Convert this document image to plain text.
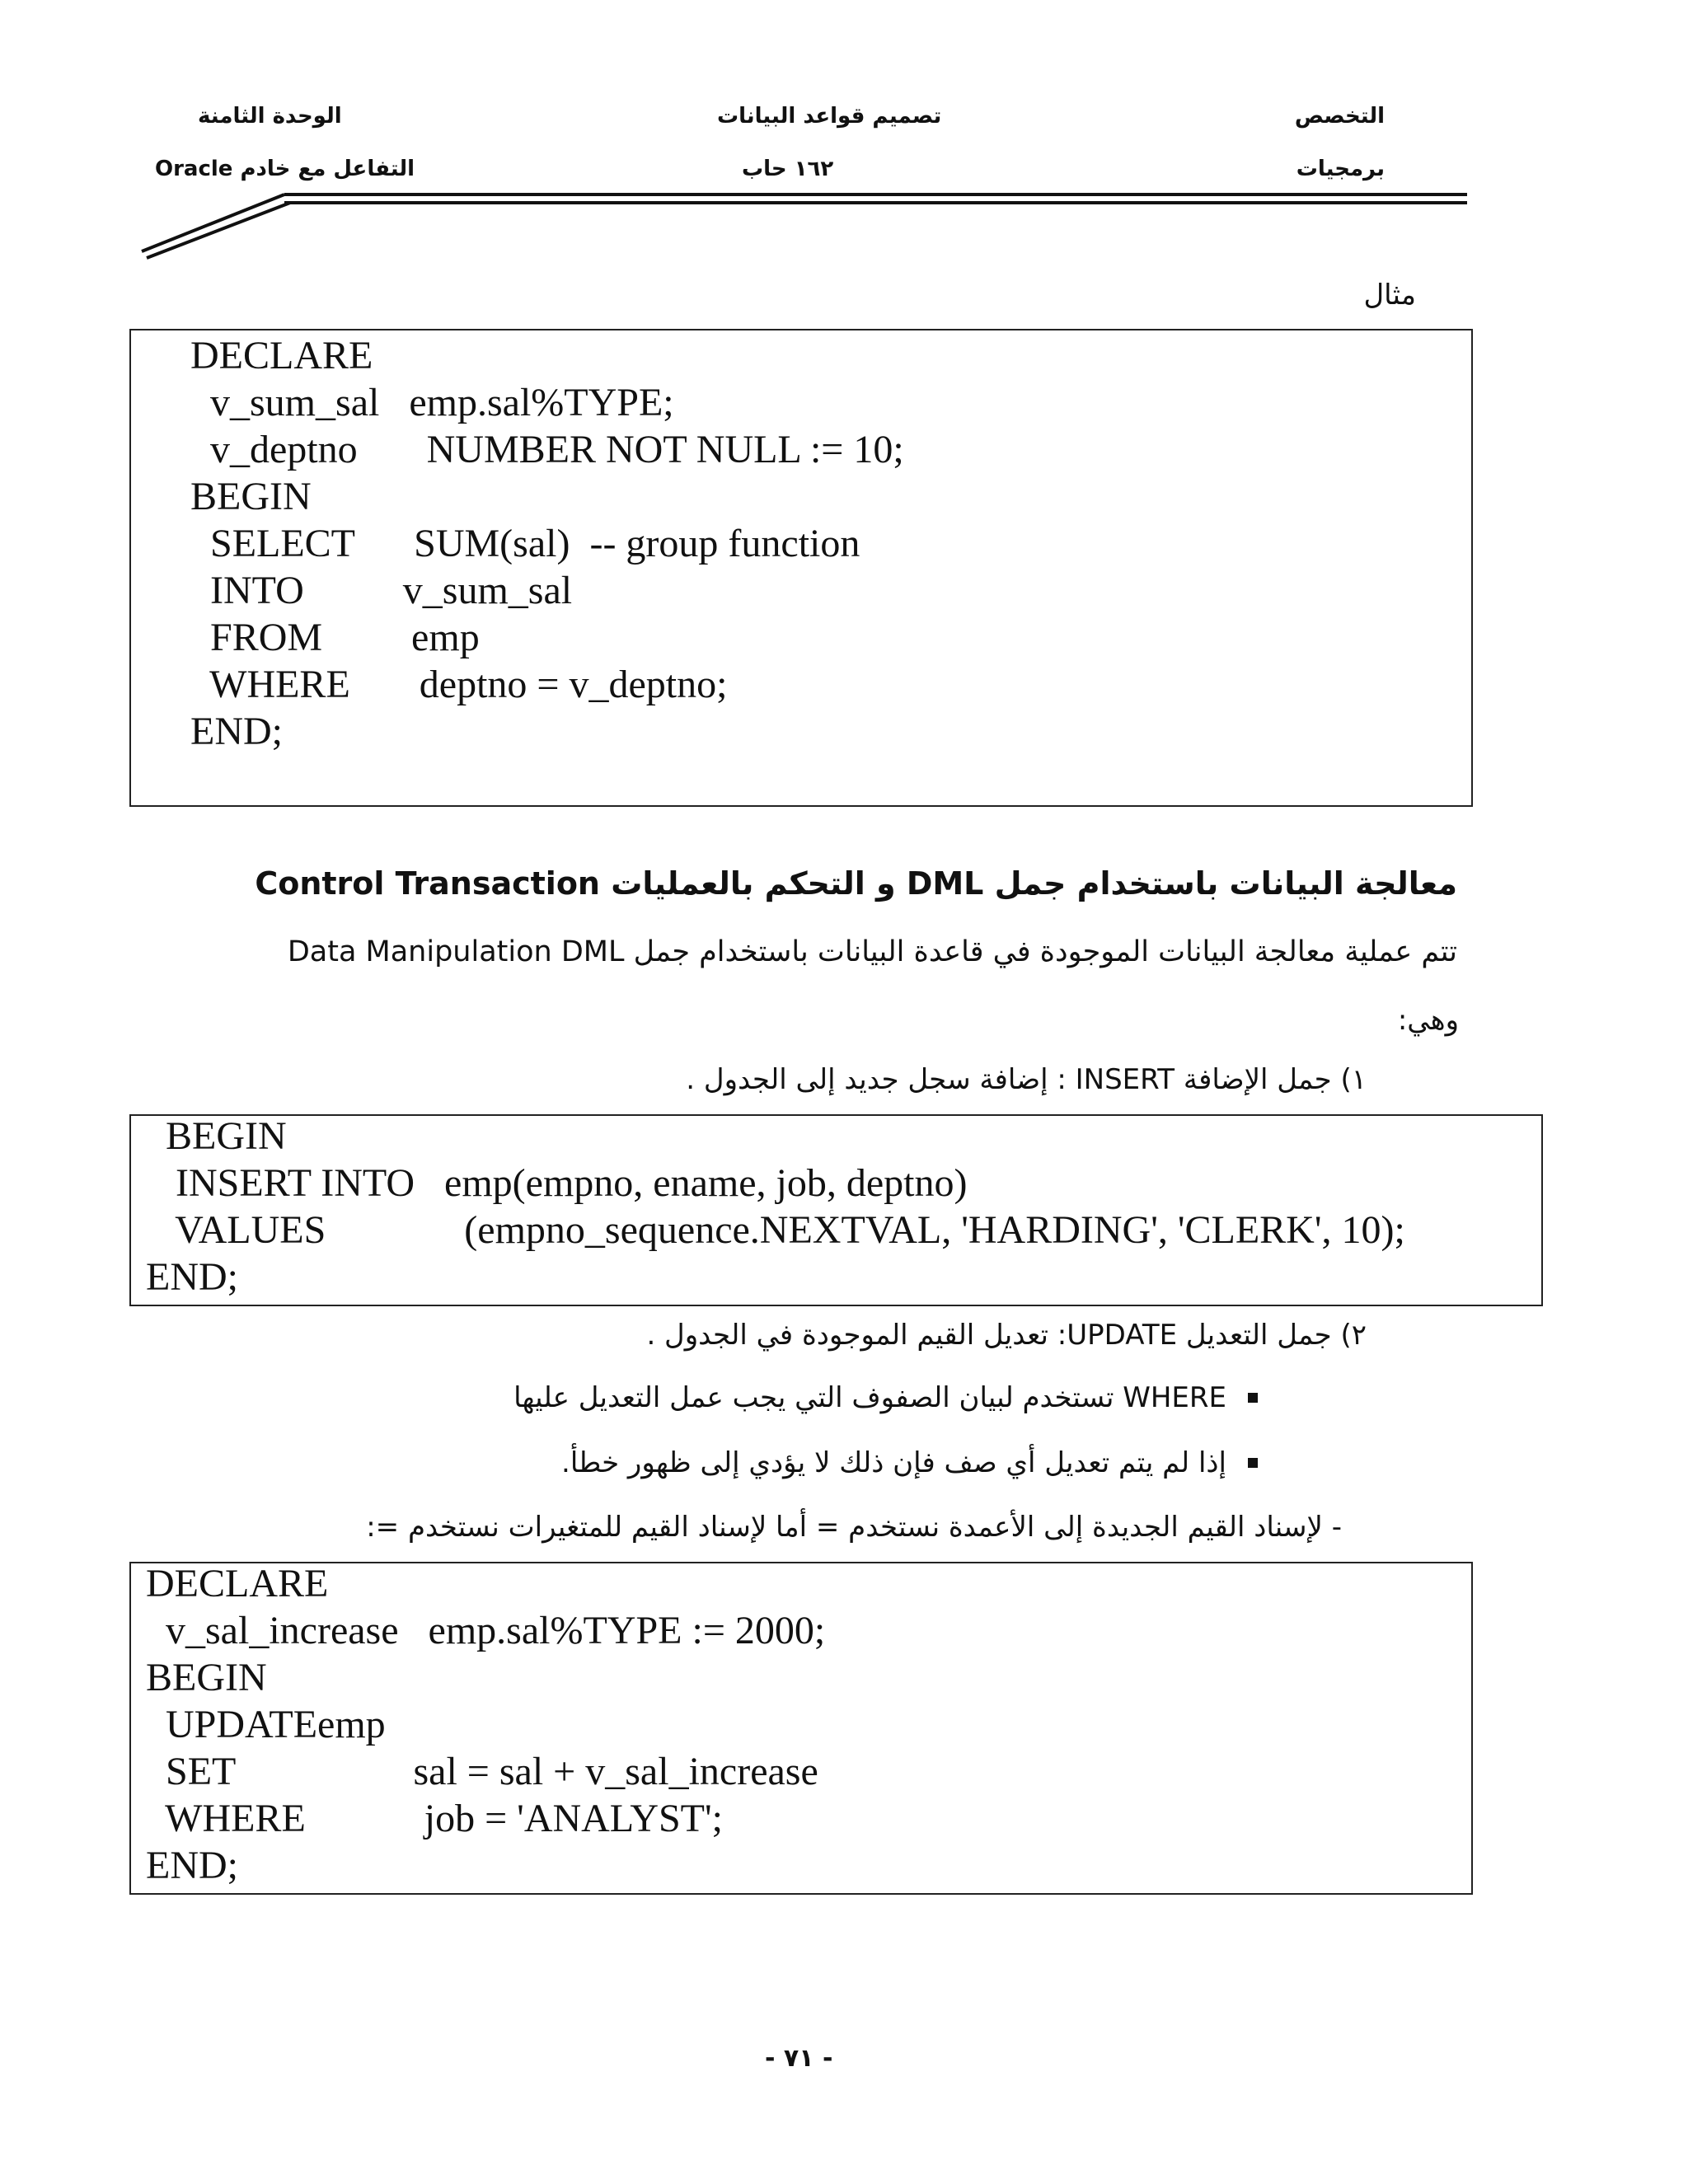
التخصص
برمجيات
تصميم قواعد البيانات
١٦٢ حاب
الوحدة الثامنة
التفاعل مع خادم Oracle
مثال
DECLARE
v_sum_sal   emp.sal%TYPE;
v_deptno       NUMBER NOT NULL := 10;
BEGIN
SELECT      SUM(sal)  -- group function
INTO          v_sum_sal
FROM         emp
WHERE       deptno = v_deptno;
END;
معالجة البيانات باستخدام جمل DML و التحكم بالعمليات Control Transaction
تتم عملية معالجة البيانات الموجودة في قاعدة البيانات باستخدام جمل Data Manipulation DML
وهي:
١) جمل الإضافة INSERT : إضافة سجل جديد إلى الجدول .
BEGIN
INSERT INTO   emp(empno, ename, job, deptno)
VALUES              (empno_sequence.NEXTVAL, 'HARDING', 'CLERK', 10);
END;
٢) جمل التعديل UPDATE: تعديل القيم الموجودة في الجدول .
WHERE تستخدم لبيان الصفوف التي يجب عمل التعديل عليها
إذا لم يتم تعديل أي صف فإن ذلك لا يؤدي إلى ظهور خطأ.
- لإسناد القيم الجديدة إلى الأعمدة نستخدم = أما لإسناد القيم للمتغيرات نستخدم =:
DECLARE
v_sal_increase   emp.sal%TYPE := 2000;
BEGIN
UPDATEemp
SET                  sal = sal + v_sal_increase
WHERE            job = 'ANALYST';
END;
- ٧١ -
